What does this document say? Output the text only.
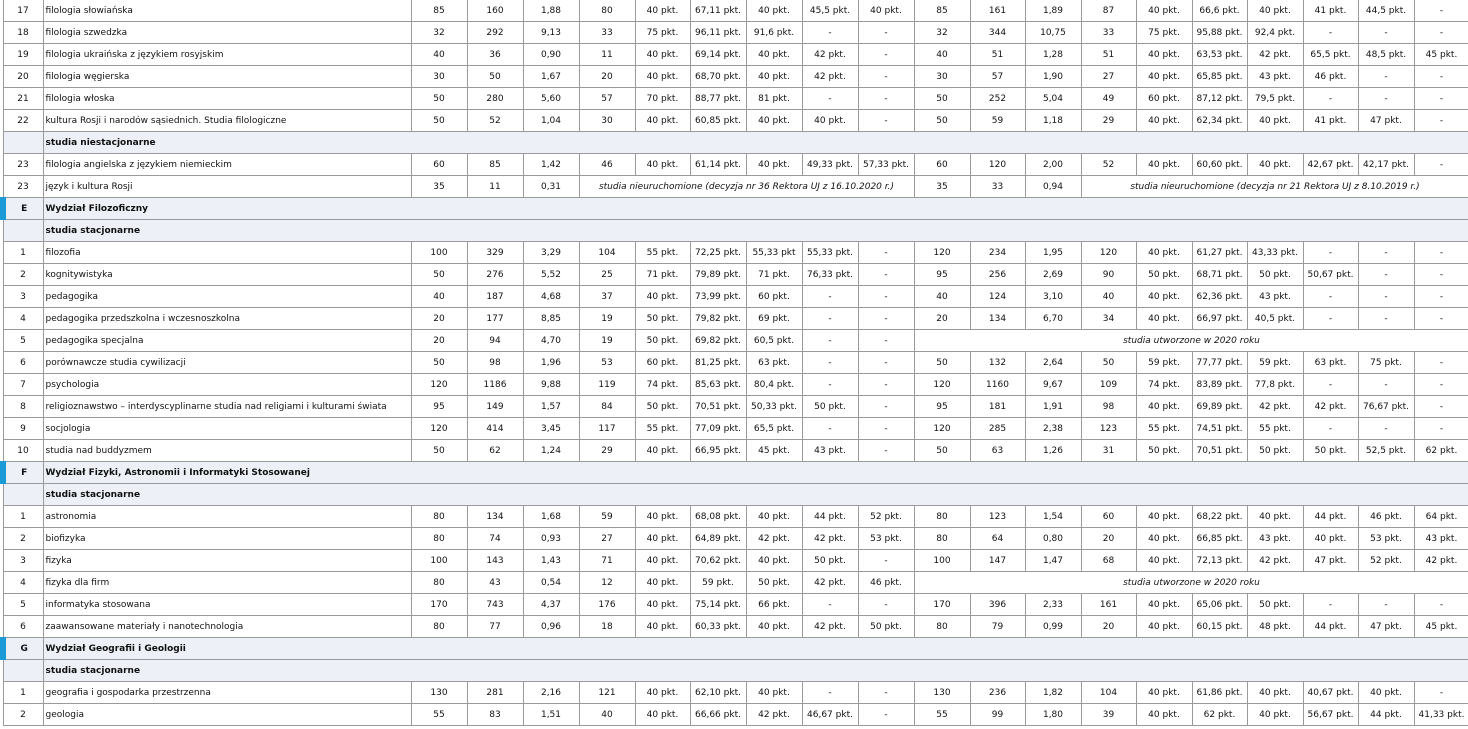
17	filologia słowiańska	85	160	1,88	80	40 pkt.	67,11 pkt.	40 pkt.	45,5 pkt.	40 pkt.	85	161	1,89	87	40 pkt.	66,6 pkt.	40 pkt.	41 pkt.	44,5 pkt.	-
18	filologia szwedzka	32	292	9,13	33	75 pkt.	96,11 pkt.	91,6 pkt.	-	-	32	344	10,75	33	75 pkt.	95,88 pkt.	92,4 pkt.	-	-	-
19	filologia ukraińska z językiem rosyjskim	40	36	0,90	11	40 pkt.	69,14 pkt.	40 pkt.	42 pkt.	-	40	51	1,28	51	40 pkt.	63,53 pkt.	42 pkt.	65,5 pkt.	48,5 pkt.	45 pkt.
20	filologia węgierska	30	50	1,67	20	40 pkt.	68,70 pkt.	40 pkt.	42 pkt.	-	30	57	1,90	27	40 pkt.	65,85 pkt.	43 pkt.	46 pkt.	-	-
21	filologia włoska	50	280	5,60	57	70 pkt.	88,77 pkt.	81 pkt.	-	-	50	252	5,04	49	60 pkt.	87,12 pkt.	79,5 pkt.	-	-	-
22	kultura Rosji i narodów sąsiednich. Studia filologiczne	50	52	1,04	30	40 pkt.	60,85 pkt.	40 pkt.	40 pkt.	-	50	59	1,18	29	40 pkt.	62,34 pkt.	40 pkt.	41 pkt.	47 pkt.	-
	studia niestacjonarne																			
23	filologia angielska z językiem niemieckim	60	85	1,42	46	40 pkt.	61,14 pkt.	40 pkt.	49,33 pkt.	57,33 pkt.	60	120	2,00	52	40 pkt.	60,60 pkt.	40 pkt.	42,67 pkt.	42,17 pkt.	-
23	język i kultura Rosji	35	11	0,31	studia nieuruchomione (decyzja nr 36 Rektora UJ z 16.10.2020 r.)						35	33	0,94	studia nieuruchomione (decyzja nr 21 Rektora UJ z 8.10.2019 r.)						
E	Wydział Filozoficzny																			
	studia stacjonarne																			
1	filozofia	100	329	3,29	104	55 pkt.	72,25 pkt.	55,33 pkt	55,33 pkt.	-	120	234	1,95	120	40 pkt.	61,27 pkt.	43,33 pkt.	-	-	-
2	kognitywistyka	50	276	5,52	25	71 pkt.	79,89 pkt.	71 pkt.	76,33 pkt.	-	95	256	2,69	90	50 pkt.	68,71 pkt.	50 pkt.	50,67 pkt.	-	-
3	pedagogika	40	187	4,68	37	40 pkt.	73,99 pkt.	60 pkt.	-	-	40	124	3,10	40	40 pkt.	62,36 pkt.	43 pkt.	-	-	-
4	pedagogika przedszkolna i wczesnoszkolna	20	177	8,85	19	50 pkt.	79,82 pkt.	69 pkt.	-	-	20	134	6,70	34	40 pkt.	66,97 pkt.	40,5 pkt.	-	-	-
5	pedagogika specjalna	20	94	4,70	19	50 pkt.	69,82 pkt.	60,5 pkt.	-	-	studia utworzone w 2020 roku									
6	porównawcze studia cywilizacji	50	98	1,96	53	60 pkt.	81,25 pkt.	63 pkt.	-	-	50	132	2,64	50	59 pkt.	77,77 pkt.	59 pkt.	63 pkt.	75 pkt.	-
7	psychologia	120	1186	9,88	119	74 pkt.	85,63 pkt.	80,4 pkt.	-	-	120	1160	9,67	109	74 pkt.	83,89 pkt.	77,8 pkt.	-	-	-
8	religioznawstwo – interdyscyplinarne studia nad religiami i kulturami świata	95	149	1,57	84	50 pkt.	70,51 pkt.	50,33 pkt.	50 pkt.	-	95	181	1,91	98	40 pkt.	69,89 pkt.	42 pkt.	42 pkt.	76,67 pkt.	-
9	socjologia	120	414	3,45	117	55 pkt.	77,09 pkt.	65,5 pkt.	-	-	120	285	2,38	123	55 pkt.	74,51 pkt.	55 pkt.	-	-	-
10	studia nad buddyzmem	50	62	1,24	29	40 pkt.	66,95 pkt.	45 pkt.	43 pkt.	-	50	63	1,26	31	50 pkt.	70,51 pkt.	50 pkt.	50 pkt.	52,5 pkt.	62 pkt.
F	Wydział Fizyki, Astronomii i Informatyki Stosowanej																			
	studia stacjonarne																			
1	astronomia	80	134	1,68	59	40 pkt.	68,08 pkt.	40 pkt.	44 pkt.	52 pkt.	80	123	1,54	60	40 pkt.	68,22 pkt.	40 pkt.	44 pkt.	46 pkt.	64 pkt.
2	biofizyka	80	74	0,93	27	40 pkt.	64,89 pkt.	42 pkt.	42 pkt.	53 pkt.	80	64	0,80	20	40 pkt.	66,85 pkt.	43 pkt.	40 pkt.	53 pkt.	43 pkt.
3	fizyka	100	143	1,43	71	40 pkt.	70,62 pkt.	40 pkt.	50 pkt.	-	100	147	1,47	68	40 pkt.	72,13 pkt.	42 pkt.	47 pkt.	52 pkt.	42 pkt.
4	fizyka dla firm	80	43	0,54	12	40 pkt.	59 pkt.	50 pkt.	42 pkt.	46 pkt.	studia utworzone w 2020 roku									
5	informatyka stosowana	170	743	4,37	176	40 pkt.	75,14 pkt.	66 pkt.	-	-	170	396	2,33	161	40 pkt.	65,06 pkt.	50 pkt.	-	-	-
6	zaawansowane materiały i nanotechnologia	80	77	0,96	18	40 pkt.	60,33 pkt.	40 pkt.	42 pkt.	50 pkt.	80	79	0,99	20	40 pkt.	60,15 pkt.	48 pkt.	44 pkt.	47 pkt.	45 pkt.
G	Wydział Geografii i Geologii																			
	studia stacjonarne																			
1	geografia i gospodarka przestrzenna	130	281	2,16	121	40 pkt.	62,10 pkt.	40 pkt.	-	-	130	236	1,82	104	40 pkt.	61,86 pkt.	40 pkt.	40,67 pkt.	40 pkt.	-
2	geologia	55	83	1,51	40	40 pkt.	66,66 pkt.	42 pkt.	46,67 pkt.	-	55	99	1,80	39	40 pkt.	62 pkt.	40 pkt.	56,67 pkt.	44 pkt.	41,33 pkt.
